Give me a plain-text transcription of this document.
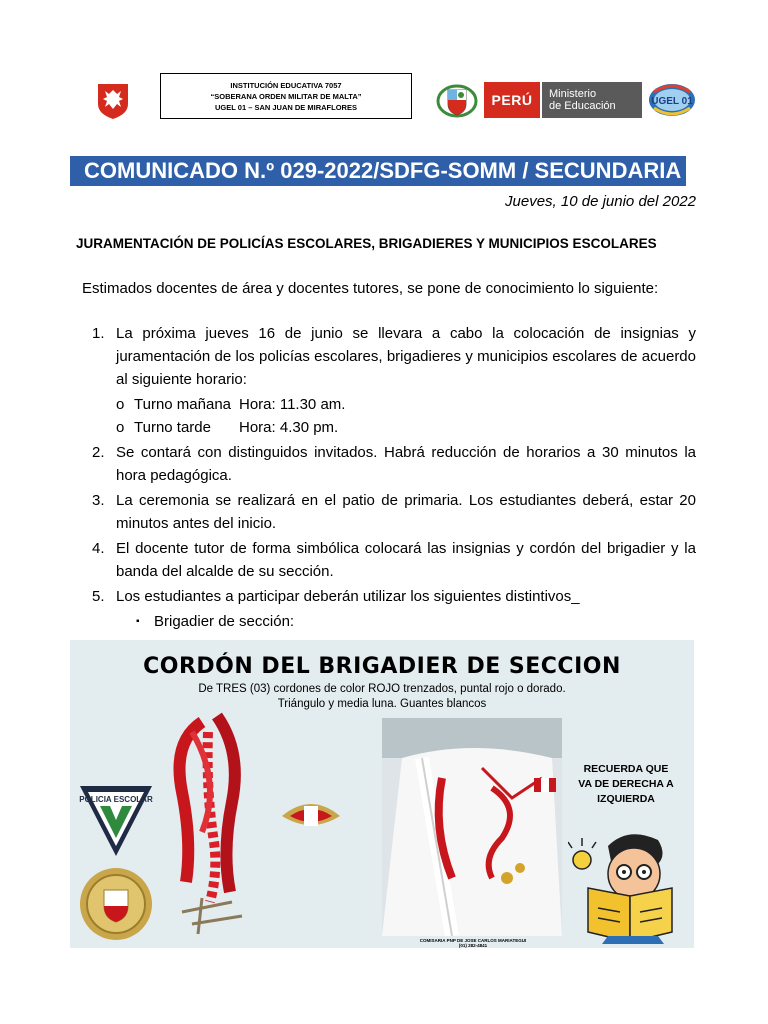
INSTITUCIÓN EDUCATIVA 7057
“SOBERANA ORDEN MILITAR DE MALTA”
UGEL 01 – SAN JUAN DE MIRAFLORES	PERÚ	Ministerio
de Educación	UGEL 01
COMUNICADO N.º 029-2022/SDFG-SOMM / SECUNDARIA
Jueves, 10 de junio del 2022
JURAMENTACIÓN DE POLICÍAS ESCOLARES, BRIGADIERES Y MUNICIPIOS ESCOLARES
Estimados docentes de área y docentes tutores, se pone de conocimiento lo siguiente:
1. La próxima jueves 16 de junio se llevara a cabo la colocación de insignias y juramentación de los policías escolares, brigadieres y municipios escolares de acuerdo al siguiente horario:
o Turno mañana Hora: 11.30 am.
o Turno tarde	Hora: 4.30 pm.
2. Se contará con distinguidos invitados. Habrá reducción de horarios a 30 minutos la hora pedagógica.
3. La ceremonia se realizará en el patio de primaria. Los estudiantes deberá, estar 20 minutos antes del inicio.
4. El docente tutor de forma simbólica colocará las insignias y cordón del brigadier y la banda del alcalde de su sección.
5. Los estudiantes a participar deberán utilizar los siguientes distintivos_
▪ Brigadier de sección:
CORDÓN DEL BRIGADIER DE SECCION
De TRES (03) cordones de color ROJO trenzados, puntal rojo o dorado.
Triángulo y media luna. Guantes blancos
POLICIA ESCOLAR
COMISARIA PNP DE JOSE CARLOS MARIATEGUI
(01) 282-4841
RECUERDA QUE
VA DE DERECHA A
IZQUIERDA
